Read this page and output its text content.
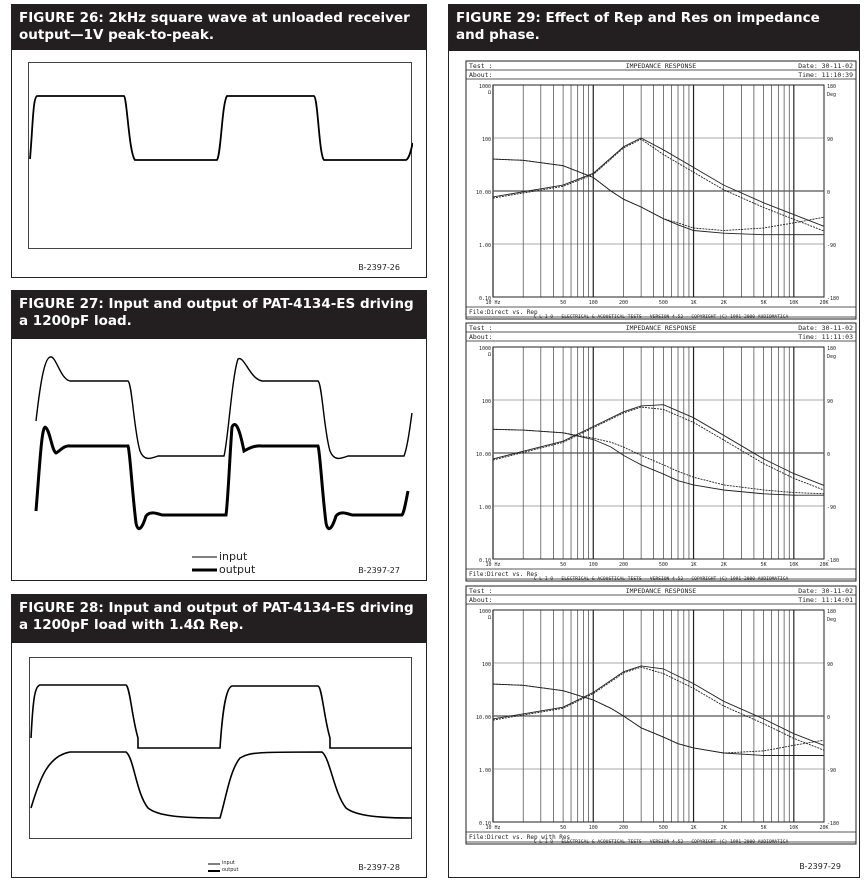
FIGURE 26: 2kHz square wave at unloaded receiver output—1V peak-to-peak.
B-2397-26
FIGURE 27: Input and output of PAT-4134-ES driving a 1200pF load.
input
output	B-2397-27
FIGURE 28: Input and output of PAT-4134-ES driving a 1200pF load with 1.4Ω Rep.
input
output	B-2397-28
FIGURE 29: Effect of Rep and Res on impedance and phase.
Test :
About:
IMPEDANCE RESPONSE	Date: 30-11-02
Time: 11:10:39
1000
100
10.00
1.00
0.10
Ω
180
90
0
-90
-180
Deg
10 Hz	50	100	200	500	1K	2K	5K	10K	20K
File:Direct vs. Rep
C L I O - ELECTRICAL & ACOUSTICAL TESTS - VERSION 4.52 - COPYRIGHT (C) 1991-2000 AUDIOMATICA
Test :
About:
IMPEDANCE RESPONSE	Date: 30-11-02
Time: 11:11:03
1000
100
10.00
1.00
0.10
Ω
180
90
0
-90
-180
Deg
10 Hz	50	100	200	500	1K	2K	5K	10K	20K
File:Direct vs. Res
C L I O - ELECTRICAL & ACOUSTICAL TESTS - VERSION 4.52 - COPYRIGHT (C) 1991-2000 AUDIOMATICA
Test :
About:
IMPEDANCE RESPONSE	Date: 30-11-02
Time: 11:14:01
1000
100
10.00
1.00
0.10
Ω
180
90
0
-90
-180
Deg
10 Hz	50	100	200	500	1K	2K	5K	10K	20K
File:Direct vs. Rep with Res
C L I O - ELECTRICAL & ACOUSTICAL TESTS - VERSION 4.52 - COPYRIGHT (C) 1991-2000 AUDIOMATICA
B-2397-29
